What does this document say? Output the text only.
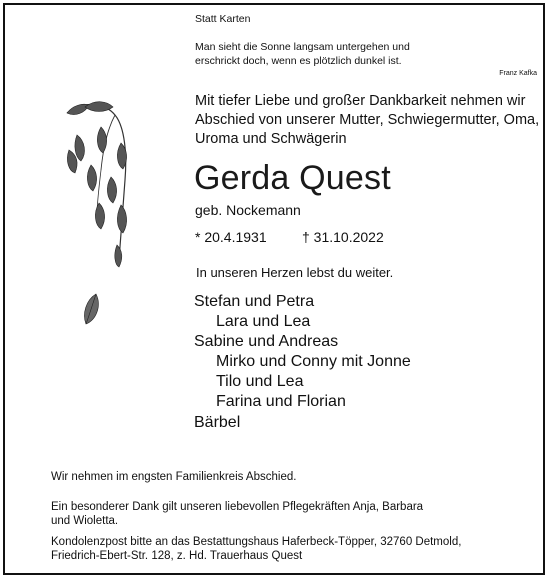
Statt Karten
Man sieht die Sonne langsam untergehen und
erschrickt doch, wenn es plötzlich dunkel ist.
Franz Kafka
Mit tiefer Liebe und großer Dankbarkeit nehmen wir
Abschied von unserer Mutter, Schwiegermutter, Oma,
Uroma und Schwägerin
Gerda Quest
geb. Nockemann
* 20.4.1931	† 31.10.2022
In unseren Herzen lebst du weiter.
Stefan und Petra
Lara und Lea
Sabine und Andreas
Mirko und Conny mit Jonne
Tilo und Lea
Farina und Florian
Bärbel
Wir nehmen im engsten Familienkreis Abschied.
Ein besonderer Dank gilt unseren liebevollen Pflegekräften Anja, Barbara
und Wioletta.
Kondolenzpost bitte an das Bestattungshaus Haferbeck-Töpper, 32760 Detmold,
Friedrich-Ebert-Str. 128, z. Hd. Trauerhaus Quest
